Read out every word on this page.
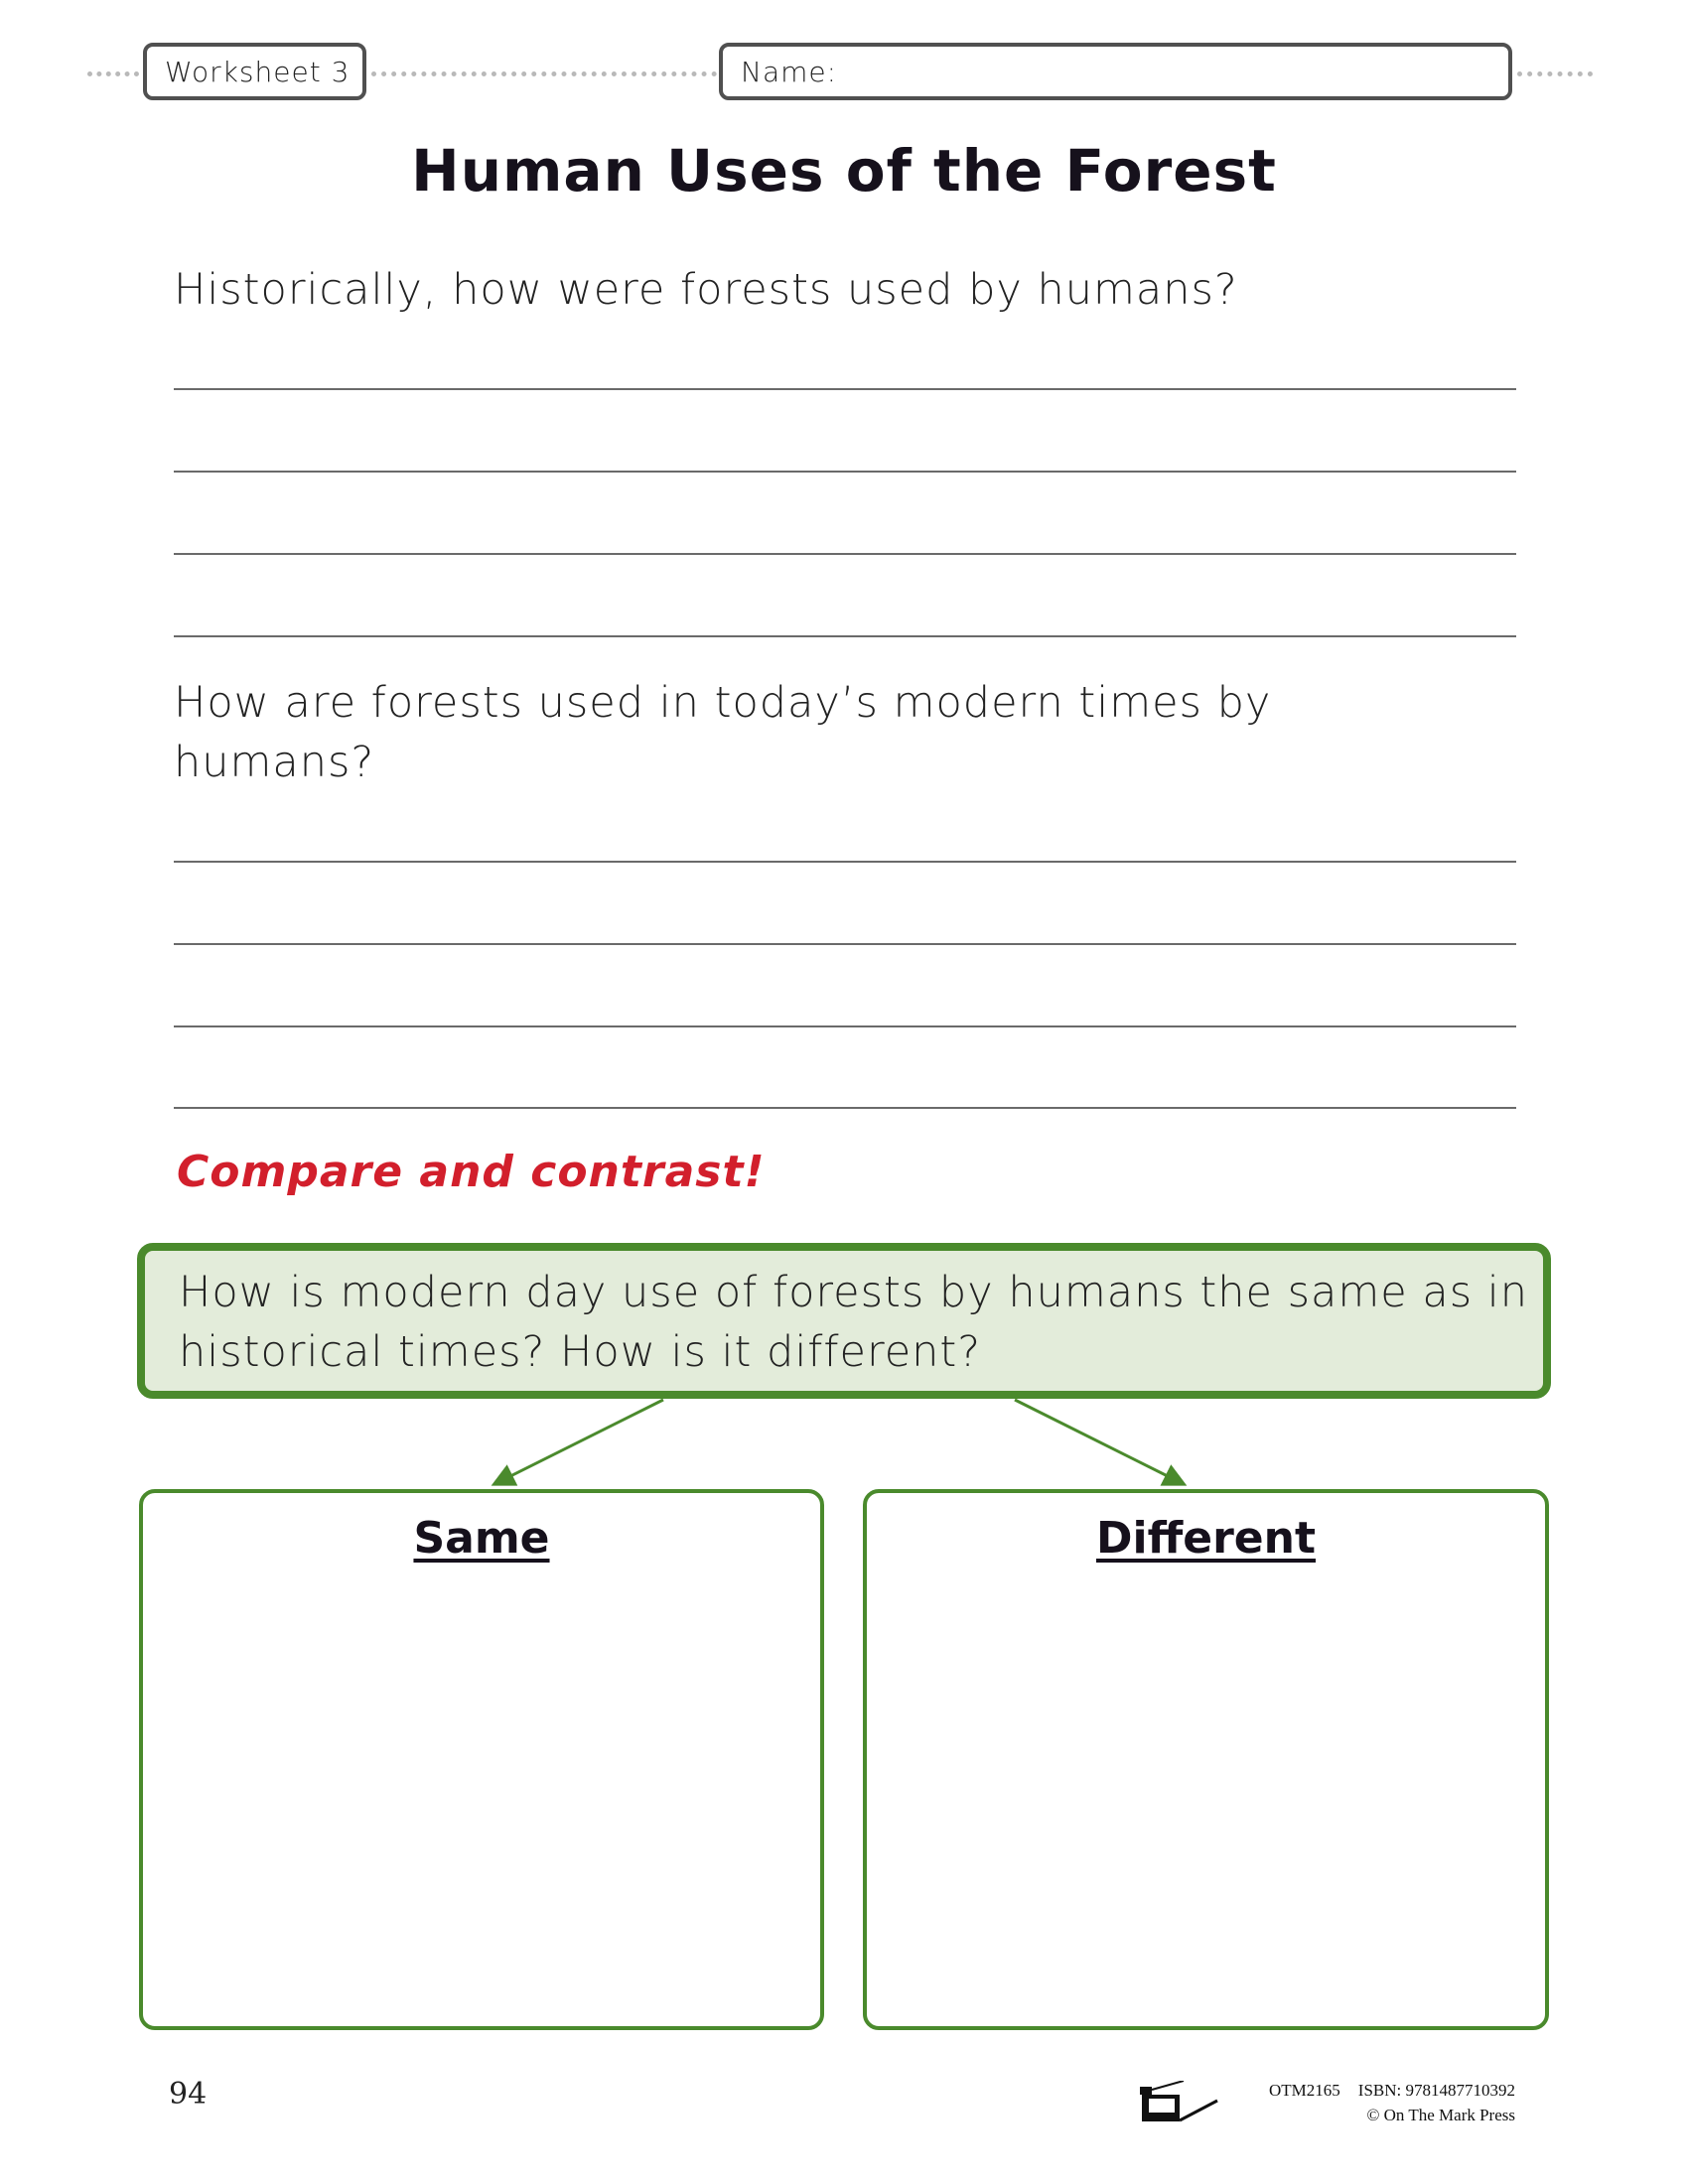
Worksheet 3	Name:
Human Uses of the Forest
Historically, how were forests used by humans?
How are forests used in today’s modern times by humans?
Compare and contrast!
How is modern day use of forests by humans the same as in historical times? How is it different?
Same	Different
94	OTM2165 ISBN: 9781487710392
© On The Mark Press
